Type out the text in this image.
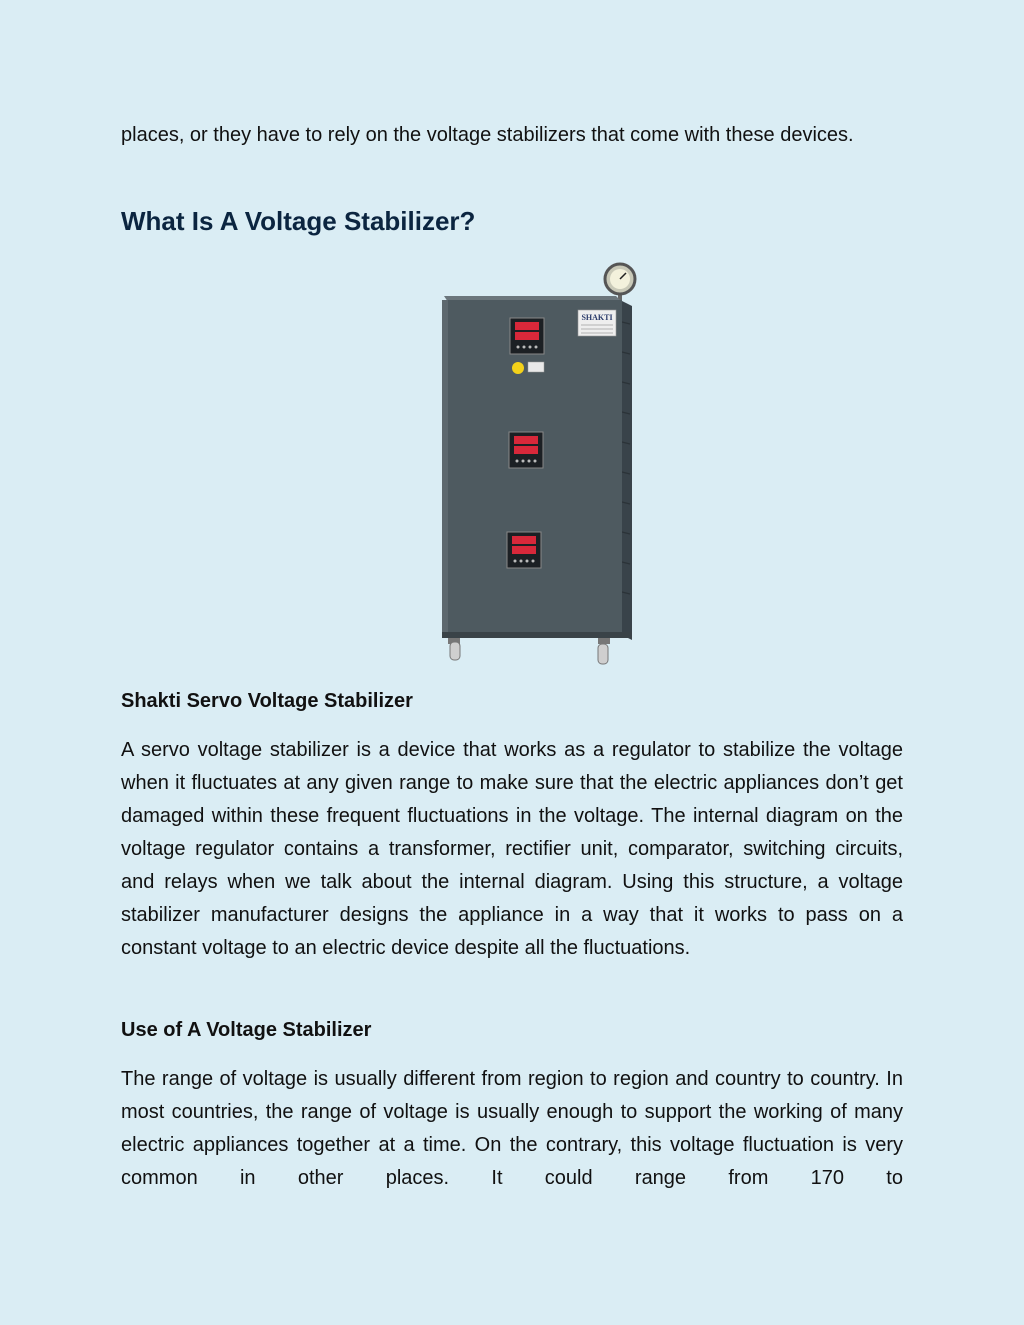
places, or they have to rely on the voltage stabilizers that come with these devices.

What Is A Voltage Stabilizer?
SHAKTI
Shakti Servo Voltage Stabilizer

A servo voltage stabilizer is a device that works as a regulator to stabilize the voltage when it fluctuates at any given range to make sure that the electric appliances don’t get damaged within these frequent fluctuations in the voltage. The internal diagram on the voltage regulator contains a transformer, rectifier unit, comparator, switching circuits, and relays when we talk about the internal diagram. Using this structure, a voltage stabilizer manufacturer designs the appliance in a way that it works to pass on a constant voltage to an electric device despite all the fluctuations.

Use of A Voltage Stabilizer

The range of voltage is usually different from region to region and country to country. In most countries, the range of voltage is usually enough to support the working of many electric appliances together at a time. On the contrary, this voltage fluctuation is very common in other places. It could range from 170 to
